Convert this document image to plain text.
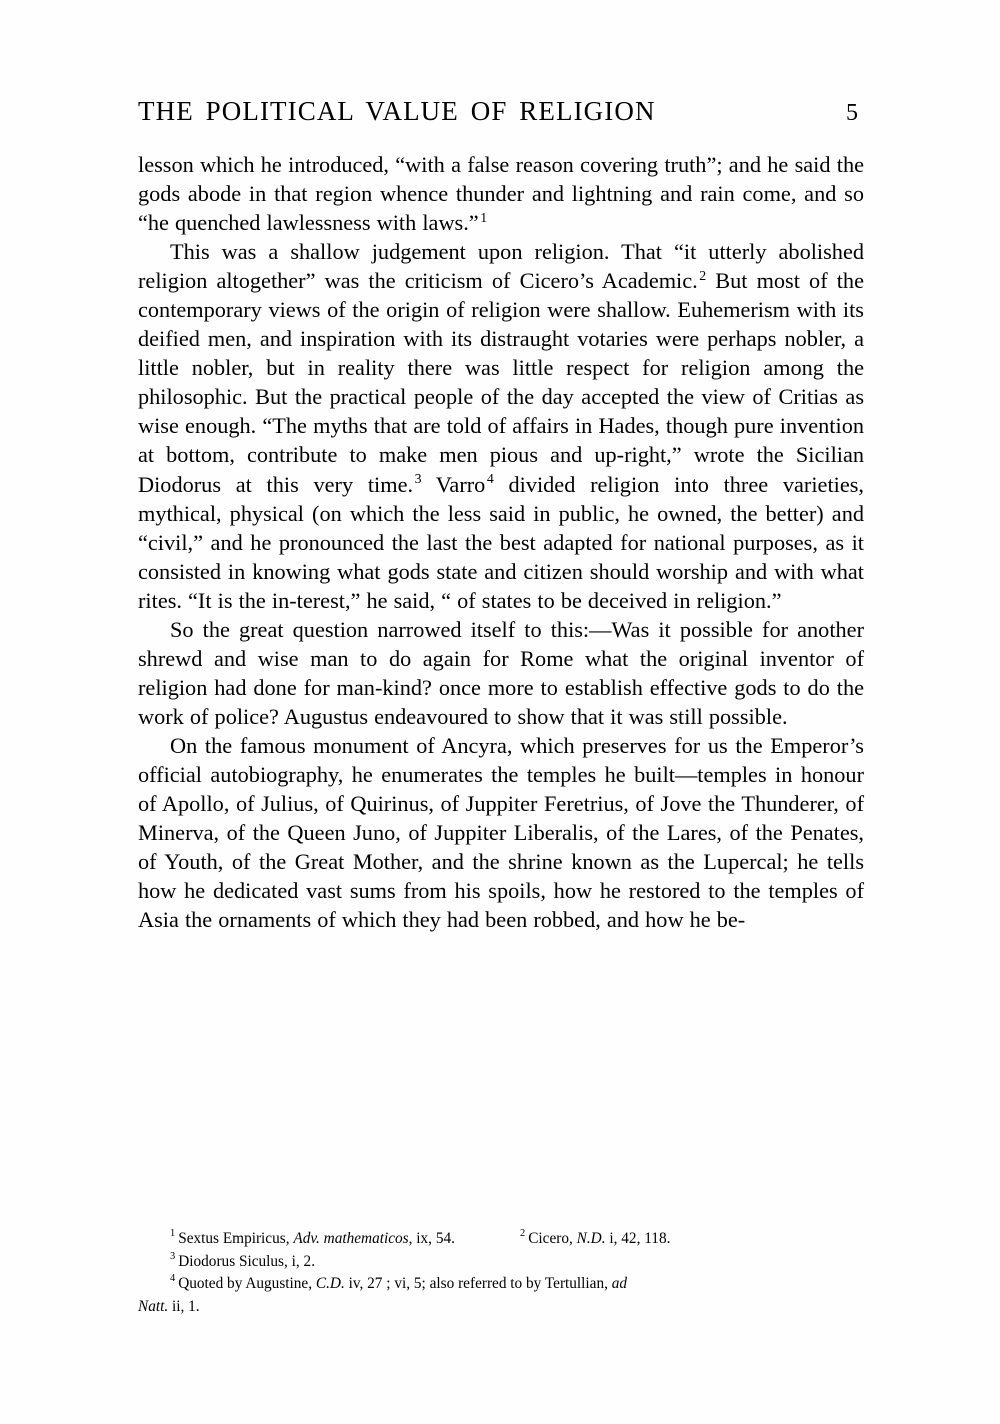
THE POLITICAL VALUE OF RELIGION	5

lesson which he introduced, “with a false reason covering truth”; and he said the gods abode in that region whence thunder and lightning and rain come, and so “he quenched lawlessness with laws.” $^1$

This was a shallow judgement upon religion. That “it utterly abolished religion altogether” was the criticism of Cicero’s Academic. $^2$ But most of the contemporary views of the origin of religion were shallow. Euhemerism with its deified men, and inspiration with its distraught votaries were perhaps nobler, a little nobler, but in reality there was little respect for religion among the philosophic. But the practical people of the day accepted the view of Critias as wise enough. “The myths that are told of affairs in Hades, though pure invention at bottom, contribute to make men pious and up-right,” wrote the Sicilian Diodorus at this very time. $^3$ Varro $^4$ divided religion into three varieties, mythical, physical (on which the less said in public, he owned, the better) and “civil,” and he pronounced the last the best adapted for national purposes, as it consisted in knowing what gods state and citizen should worship and with what rites. “It is the in-terest,” he said, “ of states to be deceived in religion.”

So the great question narrowed itself to this:—Was it possible for another shrewd and wise man to do again for Rome what the original inventor of religion had done for man-kind? once more to establish effective gods to do the work of police? Augustus endeavoured to show that it was still possible.

On the famous monument of Ancyra, which preserves for us the Emperor’s official autobiography, he enumerates the temples he built—temples in honour of Apollo, of Julius, of Quirinus, of Juppiter Feretrius, of Jove the Thunderer, of Minerva, of the Queen Juno, of Juppiter Liberalis, of the Lares, of the Penates, of Youth, of the Great Mother, and the shrine known as the Lupercal; he tells how he dedicated vast sums from his spoils, how he restored to the temples of Asia the ornaments of which they had been robbed, and how he be-

$^1$ Sextus Empiricus, Adv. mathematicos, ix, 54.	$^2$ Cicero, N.D. i, 42, 118.
$^3$ Diodorus Siculus, i, 2.
$^4$ Quoted by Augustine, C.D. iv, 27 ; vi, 5; also referred to by Tertullian, ad
Natt. ii, 1.
